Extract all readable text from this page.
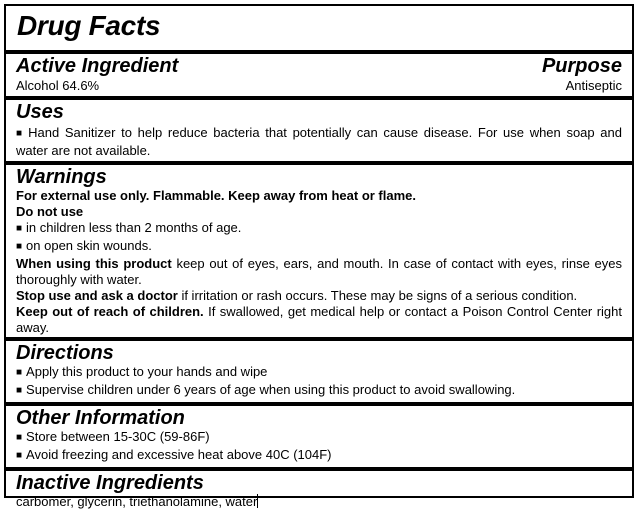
Drug Facts
Active Ingredient	Purpose
Alcohol 64.6%	Antiseptic
Uses
■ Hand Sanitizer to help reduce bacteria that potentially can cause disease. For use when soap and water are not available.
Warnings
For external use only. Flammable. Keep away from heat or flame.
Do not use
■ in children less than 2 months of age.
■ on open skin wounds.
When using this product keep out of eyes, ears, and mouth. In case of contact with eyes, rinse eyes thoroughly with water.
Stop use and ask a doctor if irritation or rash occurs. These may be signs of a serious condition.
Keep out of reach of children. If swallowed, get medical help or contact a Poison Control Center right away.
Directions
■ Apply this product to your hands and wipe
■ Supervise children under 6 years of age when using this product to avoid swallowing.
Other Information
■ Store between 15-30C (59-86F)
■ Avoid freezing and excessive heat above 40C (104F)
Inactive Ingredients
carbomer, glycerin, triethanolamine, water
